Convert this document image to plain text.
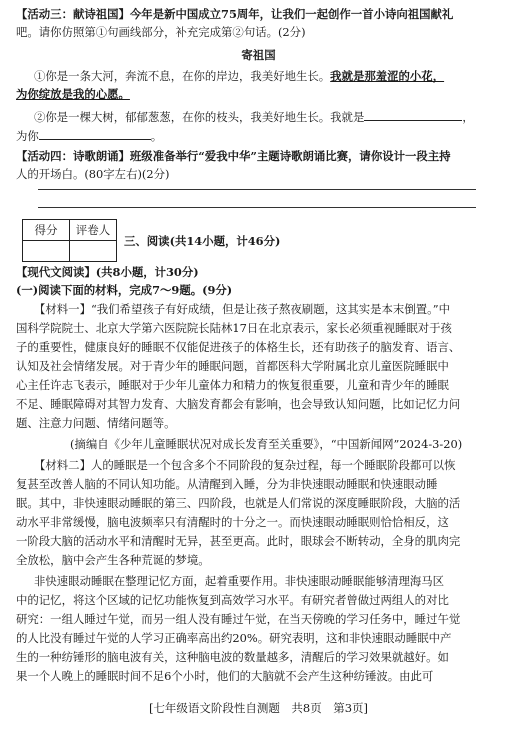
【活动三：献诗祖国】今年是新中国成立75周年，让我们一起创作一首小诗向祖国献礼
吧。请你仿照第①句画线部分，补充完成第②句话。(2分)
寄祖国
①你是一条大河，奔流不息，在你的岸边，我美好地生长。我就是那羞涩的小花，
为你绽放是我的心愿。
②你是一棵大树，郁郁葱葱，在你的枝头，我美好地生长。我就是	，
为你	。
【活动四：诗歌朗诵】班级准备举行“爱我中华”主题诗歌朗诵比赛，请你设计一段主持
人的开场白。(80字左右)(2分)
得分	评卷人

三、阅读(共14小题，计46分)
【现代文阅读】(共8小题，计30分)
(一)阅读下面的材料，完成7～9题。(9分)
【材料一】“我们希望孩子有好成绩，但是让孩子熬夜刷题，这其实是本末倒置。”中
国科学院院士、北京大学第六医院院长陆林17日在北京表示，家长必须重视睡眠对于孩
子的重要性，健康良好的睡眠不仅能促进孩子的体格生长，还有助孩子的脑发育、语言、
认知及社会情绪发展。对于青少年的睡眠问题，首都医科大学附属北京儿童医院睡眠中
心主任许志飞表示，睡眠对于少年儿童体力和精力的恢复很重要，儿童和青少年的睡眠
不足、睡眠障碍对其智力发育、大脑发育都会有影响，也会导致认知问题，比如记忆力问
题、注意力问题、情绪问题等。
(摘编自《少年儿童睡眠状况对成长发育至关重要》，“中国新闻网”2024-3-20)
【材料二】人的睡眠是一个包含多个不同阶段的复杂过程，每一个睡眠阶段都可以恢
复甚至改善人脑的不同认知功能。从清醒到入睡，分为非快速眼动睡眠和快速眼动睡
眠。其中，非快速眼动睡眠的第三、四阶段，也就是人们常说的深度睡眠阶段，大脑的活
动水平非常缓慢，脑电波频率只有清醒时的十分之一。而快速眼动睡眠则恰恰相反，这
一阶段大脑的活动水平和清醒时无异，甚至更高。此时，眼球会不断转动，全身的肌肉完
全放松，脑中会产生各种荒诞的梦境。
非快速眼动睡眠在整理记忆方面，起着重要作用。非快速眼动睡眠能够清理海马区
中的记忆，将这个区域的记忆功能恢复到高效学习水平。有研究者曾做过两组人的对比
研究：一组人睡过午觉，而另一组人没有睡过午觉，在当天傍晚的学习任务中，睡过午觉
的人比没有睡过午觉的人学习正确率高出约20%。研究表明，这和非快速眼动睡眠中产
生的一种纺锤形的脑电波有关，这种脑电波的数量越多，清醒后的学习效果就越好。如
果一个人晚上的睡眠时间不足6个小时，他们的大脑就不会产生这种纺锤波。由此可
[七年级语文阶段性自测题　共8页　第3页]
